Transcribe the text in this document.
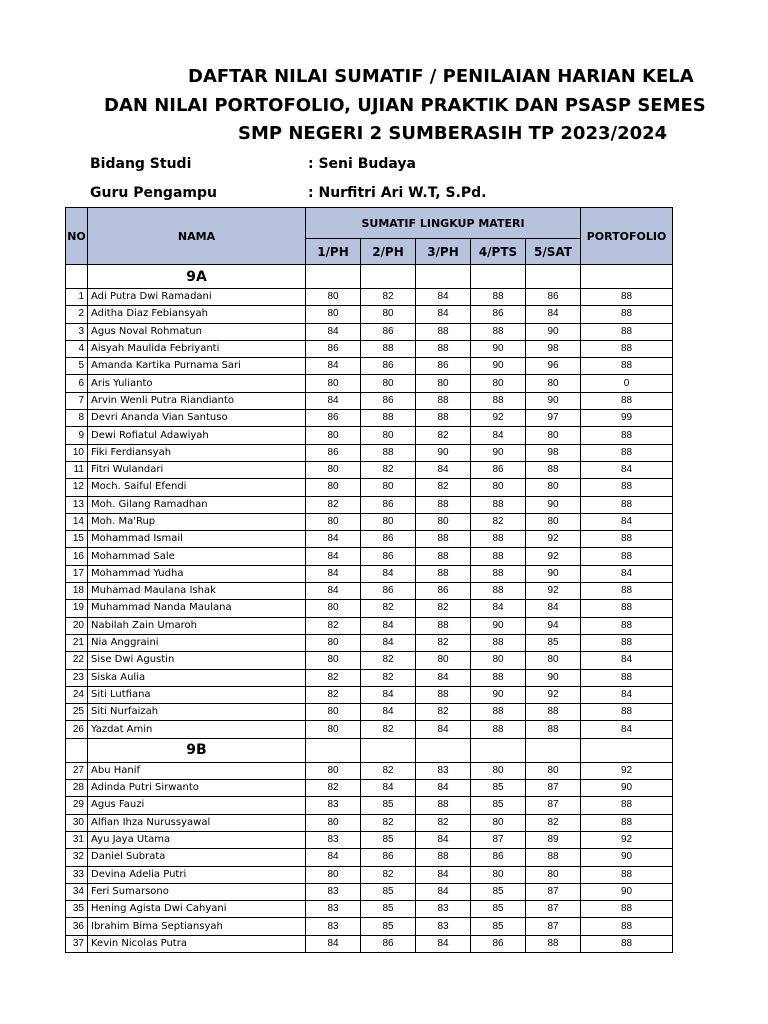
DAFTAR NILAI SUMATIF / PENILAIAN HARIAN KELA
DAN NILAI PORTOFOLIO, UJIAN PRAKTIK DAN PSASP SEMES
SMP NEGERI 2 SUMBERASIH TP 2023/2024
Bidang Studi	: Seni Budaya
Guru Pengampu	: Nurfitri Ari W.T, S.Pd.
NO	NAMA	SUMATIF LINGKUP MATERI					PORTOFOLIO
		1/PH	2/PH	3/PH	4/PTS	5/SAT	
	9A						
1	Adi Putra Dwi Ramadani	80	82	84	88	86	88
2	Aditha Diaz Febiansyah	80	80	84	86	84	88
3	Agus Noval Rohmatun	84	86	88	88	90	88
4	Aisyah Maulida Febriyanti	86	88	88	90	98	88
5	Amanda Kartika Purnama Sari	84	86	86	90	96	88
6	Aris Yulianto	80	80	80	80	80	0
7	Arvin Wenli Putra Riandianto	84	86	88	88	90	88
8	Devri Ananda Vian Santuso	86	88	88	92	97	99
9	Dewi Rofiatul Adawiyah	80	80	82	84	80	88
10	Fiki Ferdiansyah	86	88	90	90	98	88
11	Fitri Wulandari	80	82	84	86	88	84
12	Moch. Saiful Efendi	80	80	82	80	80	88
13	Moh. Gilang Ramadhan	82	86	88	88	90	88
14	Moh. Ma'Rup	80	80	80	82	80	84
15	Mohammad Ismail	84	86	88	88	92	88
16	Mohammad Sale	84	86	88	88	92	88
17	Mohammad Yudha	84	84	88	88	90	84
18	Muhamad Maulana Ishak	84	86	86	88	92	88
19	Muhammad Nanda Maulana	80	82	82	84	84	88
20	Nabilah Zain Umaroh	82	84	88	90	94	88
21	Nia Anggraini	80	84	82	88	85	88
22	Sise Dwi Agustin	80	82	80	80	80	84
23	Siska Aulia	82	82	84	88	90	88
24	Siti Lutfiana	82	84	88	90	92	84
25	Siti Nurfaizah	80	84	82	88	88	88
26	Yazdat Amin	80	82	84	88	88	84
	9B						
27	Abu Hanif	80	82	83	80	80	92
28	Adinda Putri Sirwanto	82	84	84	85	87	90
29	Agus Fauzi	83	85	88	85	87	88
30	Alfian Ihza Nurussyawal	80	82	82	80	82	88
31	Ayu Jaya Utama	83	85	84	87	89	92
32	Daniel Subrata	84	86	88	86	88	90
33	Devina Adelia Putri	80	82	84	80	80	88
34	Feri Sumarsono	83	85	84	85	87	90
35	Hening Agista Dwi Cahyani	83	85	83	85	87	88
36	Ibrahim Bima Septiansyah	83	85	83	85	87	88
37	Kevin Nicolas Putra	84	86	84	86	88	88
